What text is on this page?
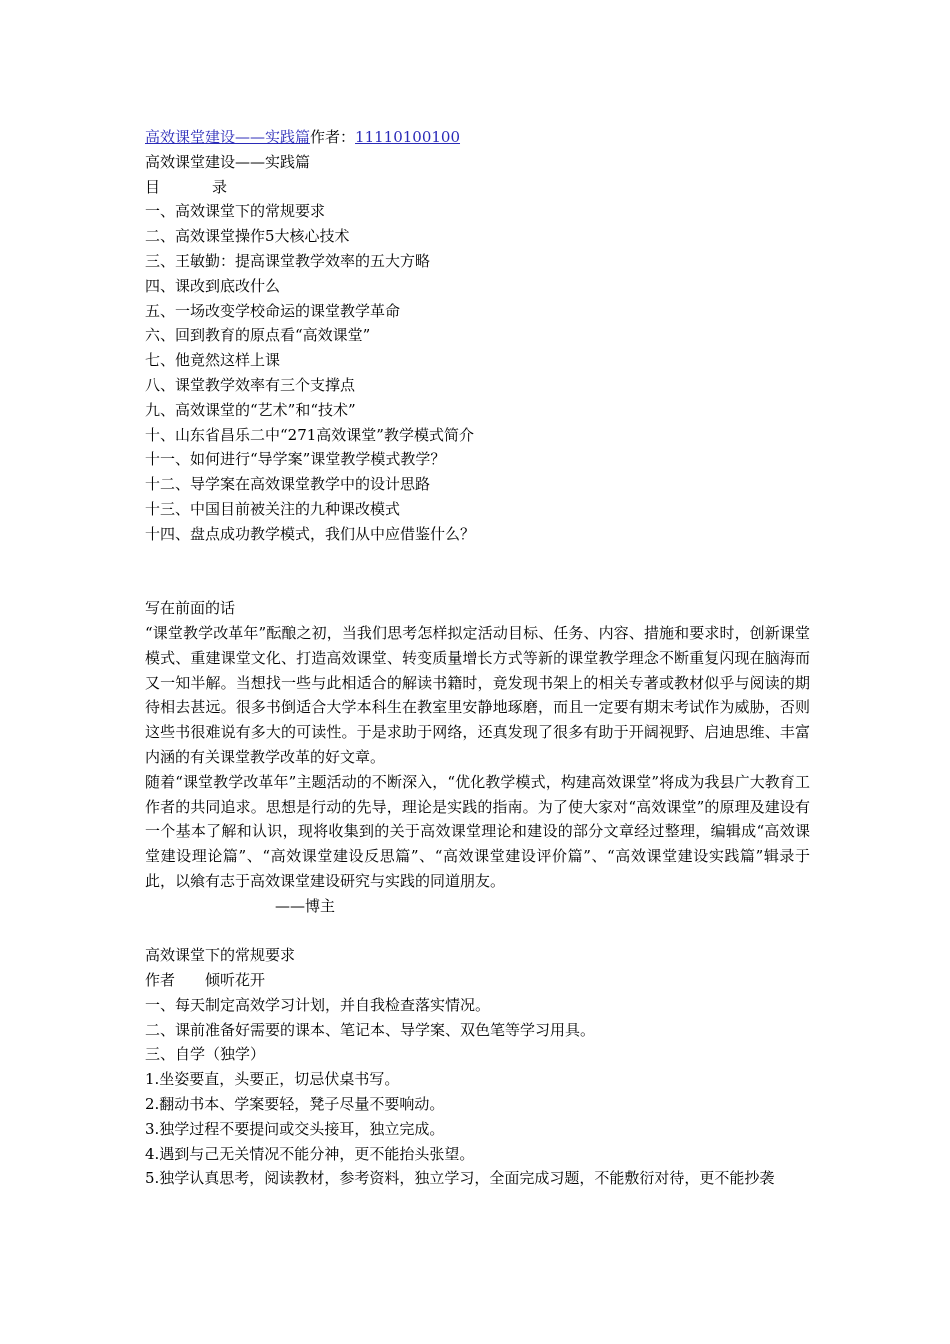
高效课堂建设——实践篇作者：11110100100
高效课堂建设——实践篇
目	录
一、高效课堂下的常规要求
二、高效课堂操作5大核心技术
三、王敏勤：提高课堂教学效率的五大方略
四、课改到底改什么
五、一场改变学校命运的课堂教学革命
六、回到教育的原点看“高效课堂”
七、他竟然这样上课
八、课堂教学效率有三个支撑点
九、高效课堂的“艺术”和“技术”
十、山东省昌乐二中“271高效课堂”教学模式简介
十一、如何进行“导学案”课堂教学模式教学？
十二、导学案在高效课堂教学中的设计思路
十三、中国目前被关注的九种课改模式
十四、盘点成功教学模式，我们从中应借鉴什么？
写在前面的话
“课堂教学改革年”酝酿之初，当我们思考怎样拟定活动目标、任务、内容、措施和要求时，创新课堂模式、重建课堂文化、打造高效课堂、转变质量增长方式等新的课堂教学理念不断重复闪现在脑海而又一知半解。当想找一些与此相适合的解读书籍时，竟发现书架上的相关专著或教材似乎与阅读的期待相去甚远。很多书倒适合大学本科生在教室里安静地琢磨，而且一定要有期末考试作为威胁，否则这些书很难说有多大的可读性。于是求助于网络，还真发现了很多有助于开阔视野、启迪思维、丰富内涵的有关课堂教学改革的好文章。
随着“课堂教学改革年”主题活动的不断深入，“优化教学模式，构建高效课堂”将成为我县广大教育工作者的共同追求。思想是行动的先导，理论是实践的指南。为了使大家对“高效课堂”的原理及建设有一个基本了解和认识，现将收集到的关于高效课堂理论和建设的部分文章经过整理，编辑成“高效课堂建设理论篇”、“高效课堂建设反思篇”、“高效课堂建设评价篇”、“高效课堂建设实践篇”辑录于此，以飨有志于高效课堂建设研究与实践的同道朋友。
——博主
高效课堂下的常规要求
作者 倾听花开
一、每天制定高效学习计划，并自我检查落实情况。
二、课前准备好需要的课本、笔记本、导学案、双色笔等学习用具。
三、自学（独学）
1.坐姿要直，头要正，切忌伏桌书写。
2.翻动书本、学案要轻，凳子尽量不要响动。
3.独学过程不要提问或交头接耳，独立完成。
4.遇到与己无关情况不能分神，更不能抬头张望。
5.独学认真思考，阅读教材，参考资料，独立学习，全面完成习题，不能敷衍对待，更不能抄袭
